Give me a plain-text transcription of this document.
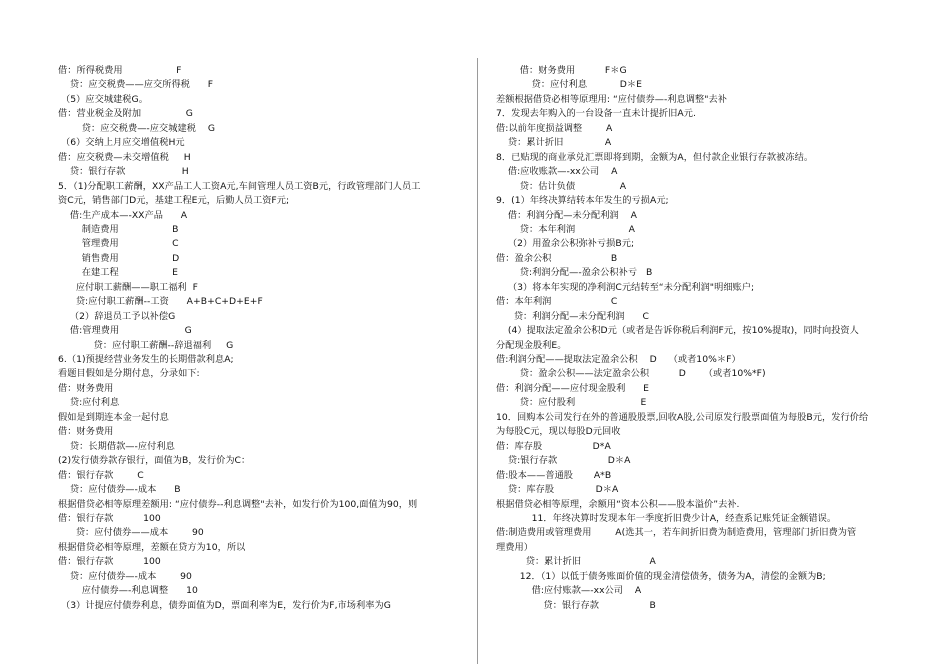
借：所得税费用                  F
贷：应交税费——应交所得税      F
（5）应交城建税G。
借：营业税金及附加               G
贷：应交税费—-应交城建税    G
（6）交纳上月应交增值税H元
借：应交税费—未交增值税     H
贷：银行存款                   H
5．（1)分配职工薪酬，XX产品工人工资A元,车间管理人员工资B元，行政管理部门人员工
资C元，销售部门D元，基建工程E元，后勤人员工资F元;
借:生产成本—-XX产品      A
制造费用                  B
管理费用                  C
销售费用                  D
在建工程                  E
应付职工薪酬——职工福利  F
贷:应付职工薪酬--工资      A+B+C+D+E+F
（2）辞退员工予以补偿G
借:管理费用                      G
贷：应付职工薪酬--辞退福利     G
6.（1)预提经营业务发生的长期借款利息A;
看题目假如是分期付息，分录如下:
借：财务费用
贷:应付利息
假如是到期连本金一起付息
借：财务费用
贷：长期借款—-应付利息
(2)发行债券款存银行，面值为B，发行价为C：
借：银行存款        C
贷：应付债券—-成本      B
根据借贷必相等原理差额用: “应付债券--利息调整"去补，如发行价为100,面值为90，则
借：银行存款          100
贷：应付债券——成本        90
根据借贷必相等原理，差额在贷方为10，所以
借：银行存款          100
贷：应付债券—-成本        90
应付债券—-利息调整      10
（3）计提应付债券利息，债券面值为D，票面利率为E，发行价为F,市场利率为G
借：财务费用          F＊G
贷：应付利息           D＊E
差额根据借贷必相等原理用: “应付债券—-利息调整"去补
7．发现去年购入的一台设备一直未计提折旧A元.
借:以前年度损益调整        A
贷：累计折旧              A
8．已贴现的商业承兑汇票即将到期，金额为A，但付款企业银行存款被冻结。
借:应收账款—-xx公司    A
贷：估计负债               A
9．(1）年终决算结转本年发生的亏损A元;
借：利润分配—未分配利润    A
贷：本年利润                  A
（2）用盈余公积弥补亏损B元;
借：盈余公积                    B
贷:利润分配—-盈余公积补亏   B
（3）将本年实现的净利润C元结转至“未分配利润"明细账户;
借：本年利润                    C
贷：利润分配—未分配利润      C
(4）提取法定盈余公积D元（或者是告诉你税后利润F元，按10%提取)，同时向投资人
分配现金股利E。
借:利润分配——提取法定盈余公积    D    （或者10%＊F）
贷：盈余公积——法定盈余公积          D      （或者10%*F)
借：利润分配——应付现金股利      E
贷：应付股利                      E
10．回购本公司发行在外的普通股股票,回收A股,公司原发行股票面值为每股B元，发行价给
为每股C元，现以每股D元回收
借：库存股                 D*A
贷:银行存款                 D＊A
借:股本——普通股       A*B
贷：库存股              D＊A
根据借贷必相等原理，余额用“资本公积——股本溢价”去补.
11．年终决算时发现本年一季度折旧费少计A，经查系记账凭证金额错误。
借:制造费用或管理费用        A(选其一，若车间折旧费为制造费用，管理部门折旧费为管
理费用）
贷：累计折旧                       A
12．（1）以低于债务账面价值的现金清偿债务，债务为A，清偿的金额为B;
借:应付账款—-xx公司    A
贷：银行存款                 B
